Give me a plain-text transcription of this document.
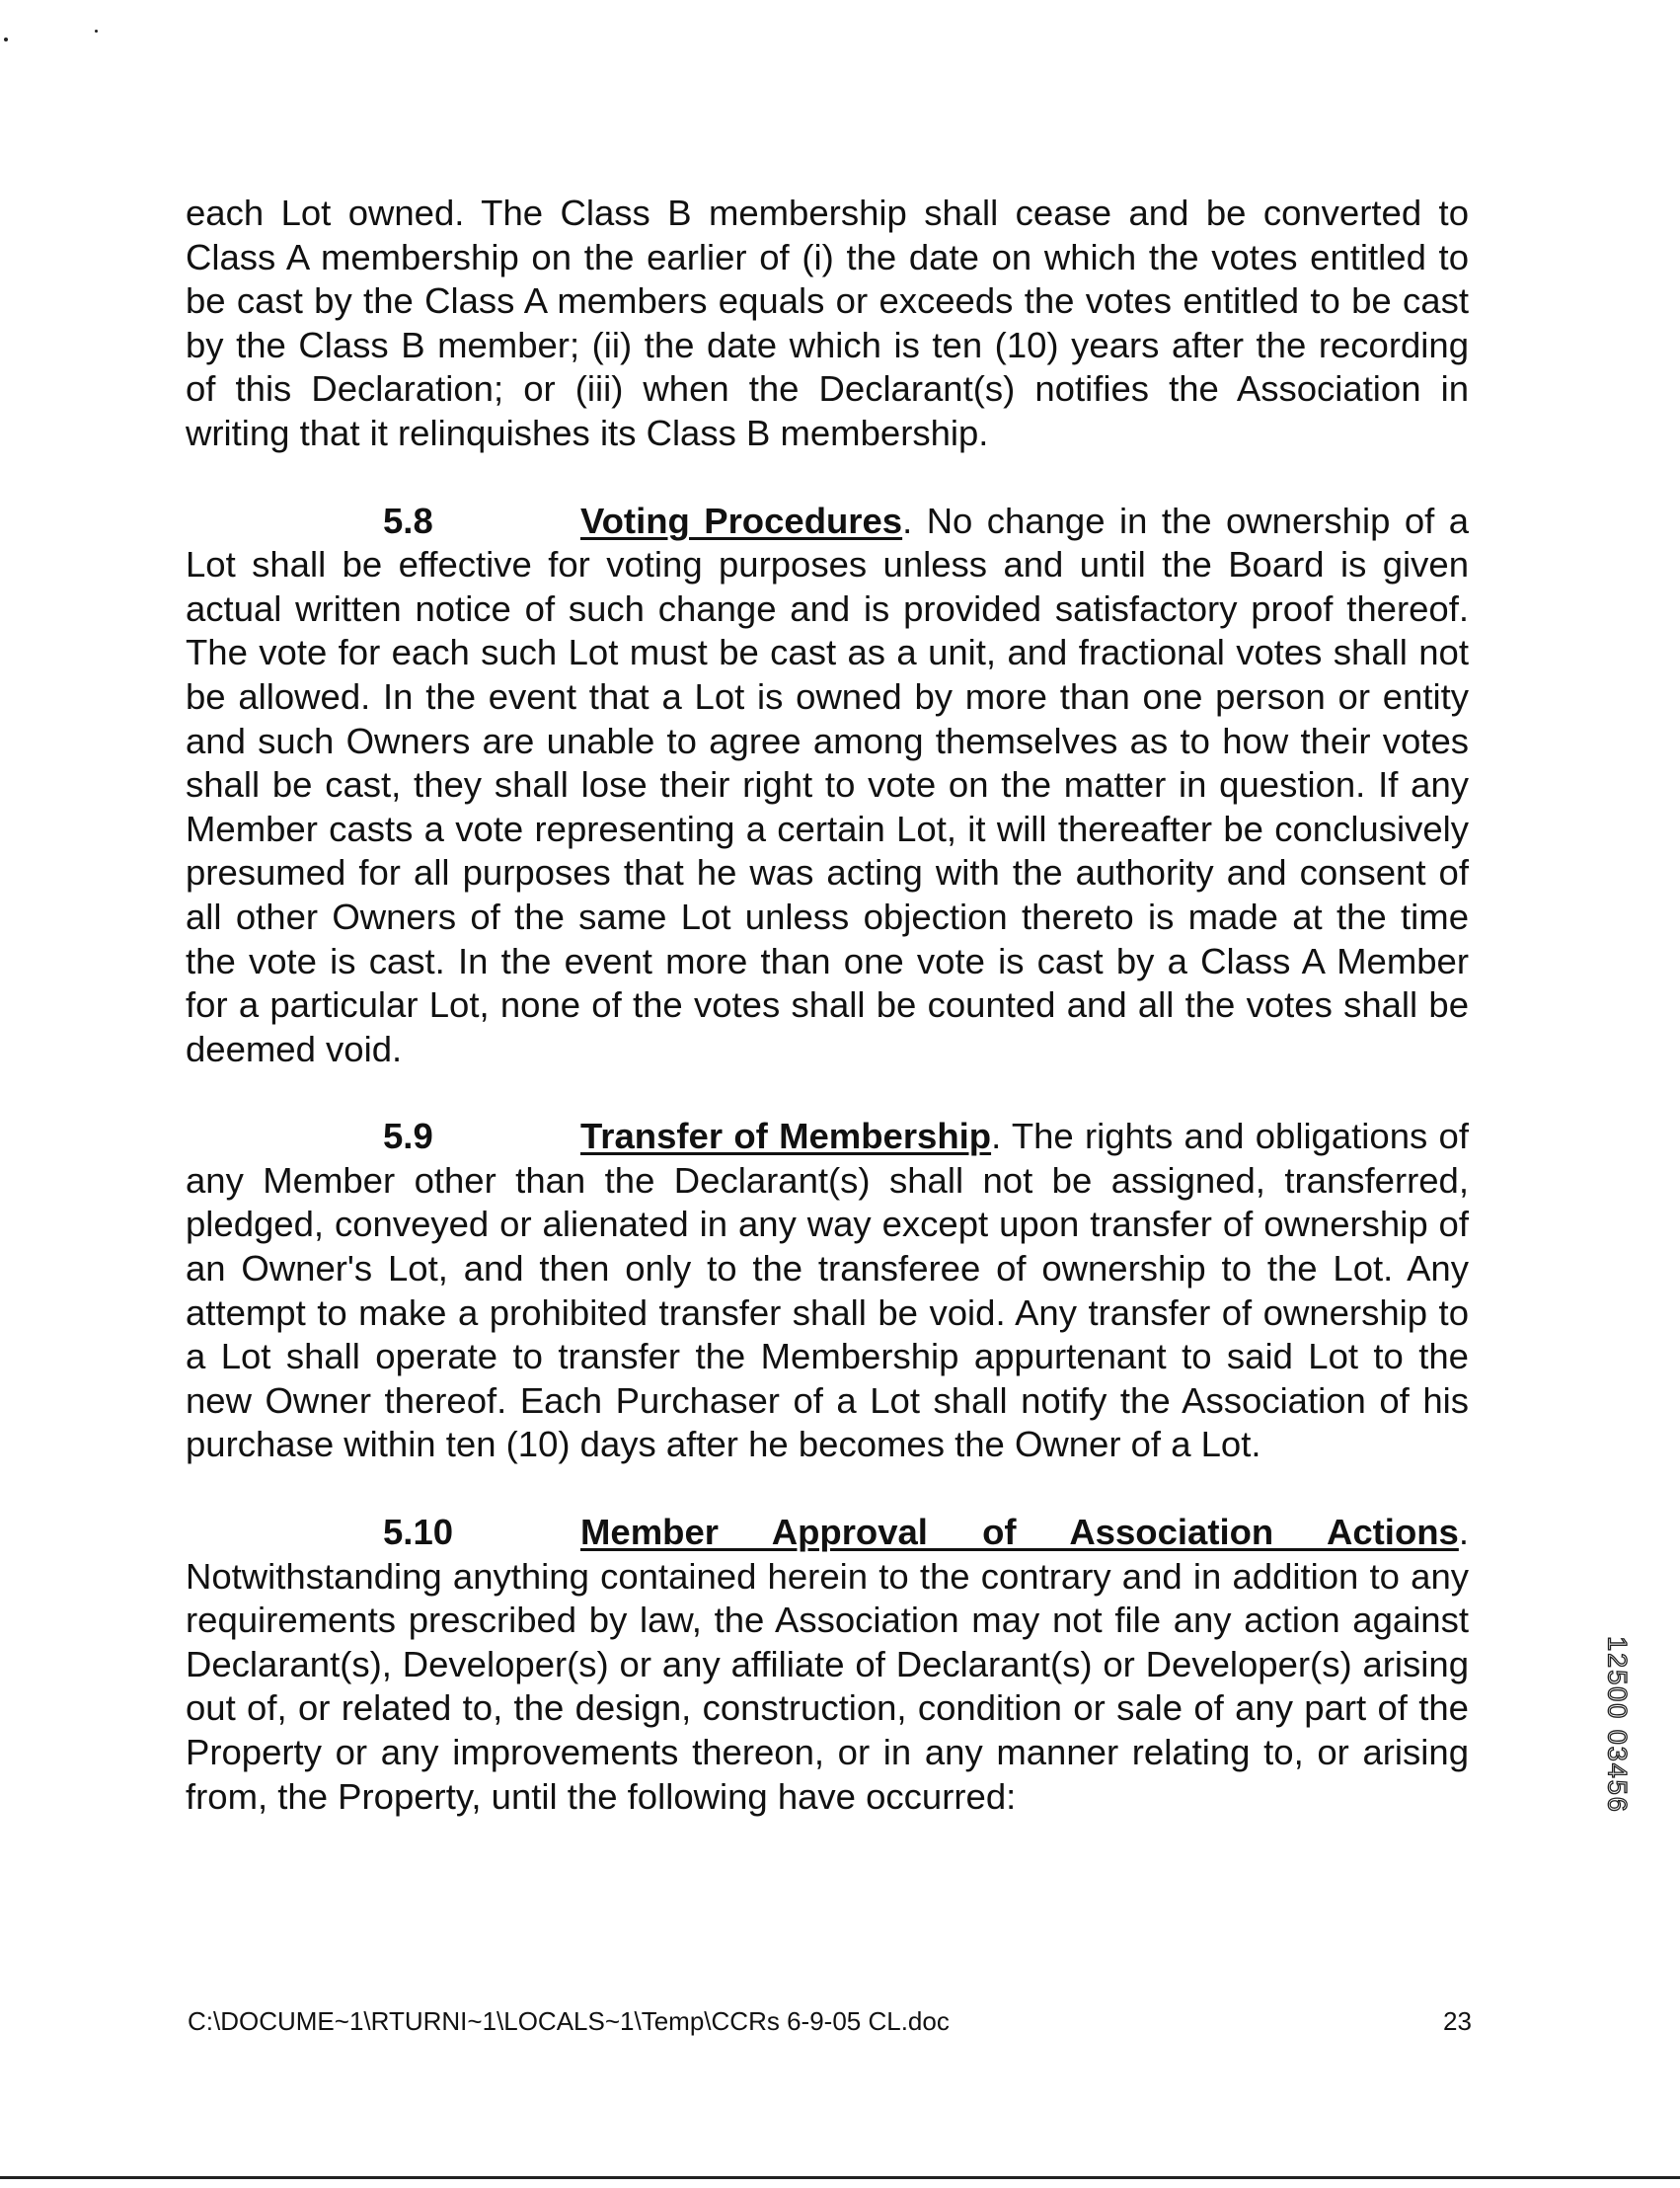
each Lot owned. The Class B membership shall cease and be converted to Class A membership on the earlier of (i) the date on which the votes entitled to be cast by the Class A members equals or exceeds the votes entitled to be cast by the Class B member; (ii) the date which is ten (10) years after the recording of this Declaration; or (iii) when the Declarant(s) notifies the Association in writing that it relinquishes its Class B membership.

5.8	Voting Procedures. No change in the ownership of a Lot shall be effective for voting purposes unless and until the Board is given actual written notice of such change and is provided satisfactory proof thereof. The vote for each such Lot must be cast as a unit, and fractional votes shall not be allowed. In the event that a Lot is owned by more than one person or entity and such Owners are unable to agree among themselves as to how their votes shall be cast, they shall lose their right to vote on the matter in question. If any Member casts a vote representing a certain Lot, it will thereafter be conclusively presumed for all purposes that he was acting with the authority and consent of all other Owners of the same Lot unless objection thereto is made at the time the vote is cast. In the event more than one vote is cast by a Class A Member for a particular Lot, none of the votes shall be counted and all the votes shall be deemed void.

5.9	Transfer of Membership. The rights and obligations of any Member other than the Declarant(s) shall not be assigned, transferred, pledged, conveyed or alienated in any way except upon transfer of ownership of an Owner's Lot, and then only to the transferee of ownership to the Lot. Any attempt to make a prohibited transfer shall be void. Any transfer of ownership to a Lot shall operate to transfer the Membership appurtenant to said Lot to the new Owner thereof. Each Purchaser of a Lot shall notify the Association of his purchase within ten (10) days after he becomes the Owner of a Lot.

5.10	Member Approval of Association Actions. Notwithstanding anything contained herein to the contrary and in addition to any requirements prescribed by law, the Association may not file any action against Declarant(s), Developer(s) or any affiliate of Declarant(s) or Developer(s) arising out of, or related to, the design, construction, condition or sale of any part of the Property or any improvements thereon, or in any manner relating to, or arising from, the Property, until the following have occurred:	12500 03456
C:\DOCUME~1\RTURNI~1\LOCALS~1\Temp\CCRs 6-9-05 CL.doc	23
